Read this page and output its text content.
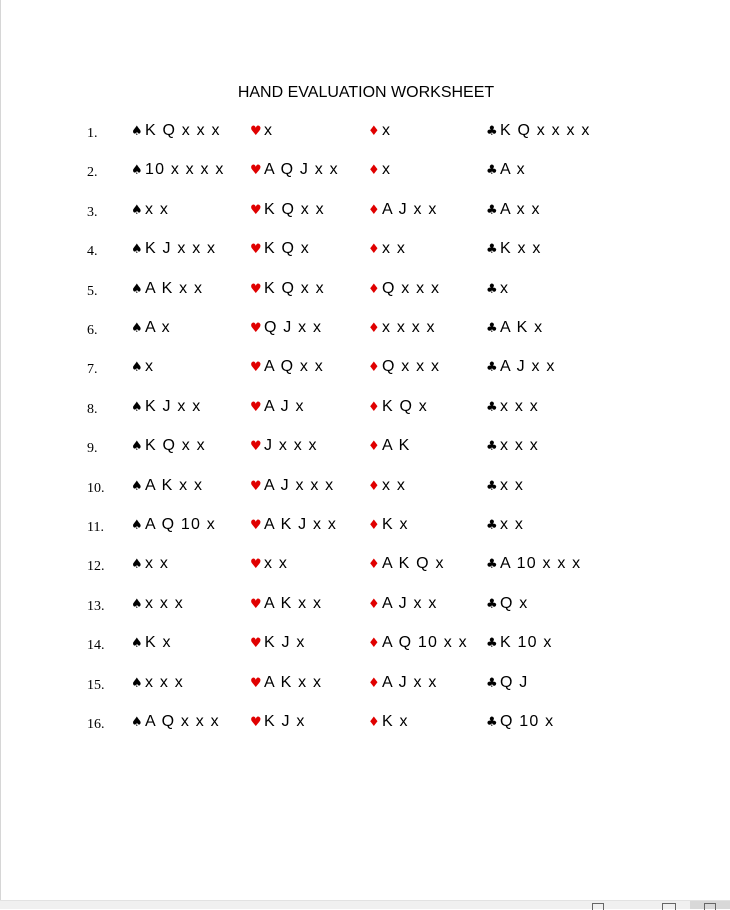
HAND EVALUATION WORKSHEET
1.	♠ K Q x x x ♥ x	♦ x	♣ K Q x x x x
2.	♠ 10 x x x x ♥ A Q J x x ♦ x	♣ A x
3.	♠ x x	♥ K Q x x	♦ A J x x	♣ A x x
4.	♠ K J x x x	♥ K Q x	♦ x x	♣ K x x
5.	♠ A K x x	♥ K Q x x	♦ Q x x x	♣ x
6.	♠ A x	♥ Q J x x	♦ x x x x	♣ A K x
7.	♠ x	♥ A Q x x	♦ Q x x x	♣ A J x x
8.	♠ K J x x	♥ A J x	♦ K Q x	♣ x x x
9.	♠ K Q x x	♥ J x x x	♦ A K	♣ x x x
10. ♠ A K x x	♥ A J x x x	♦ x x	♣ x x
11. ♠ A Q 10 x	♥ A K J x x ♦ K x	♣ x x
12. ♠ x x	♥ x x	♦ A K Q x	♣ A 10 x x x
13. ♠ x x x	♥ A K x x	♦ A J x x	♣ Q x
14. ♠ K x	♥ K J x	♦ A Q 10 x x ♣ K 10 x
15. ♠ x x x	♥ A K x x	♦ A J x x	♣ Q J
16. ♠ A Q x x x ♥ K J x	♦ K x	♣ Q 10 x
